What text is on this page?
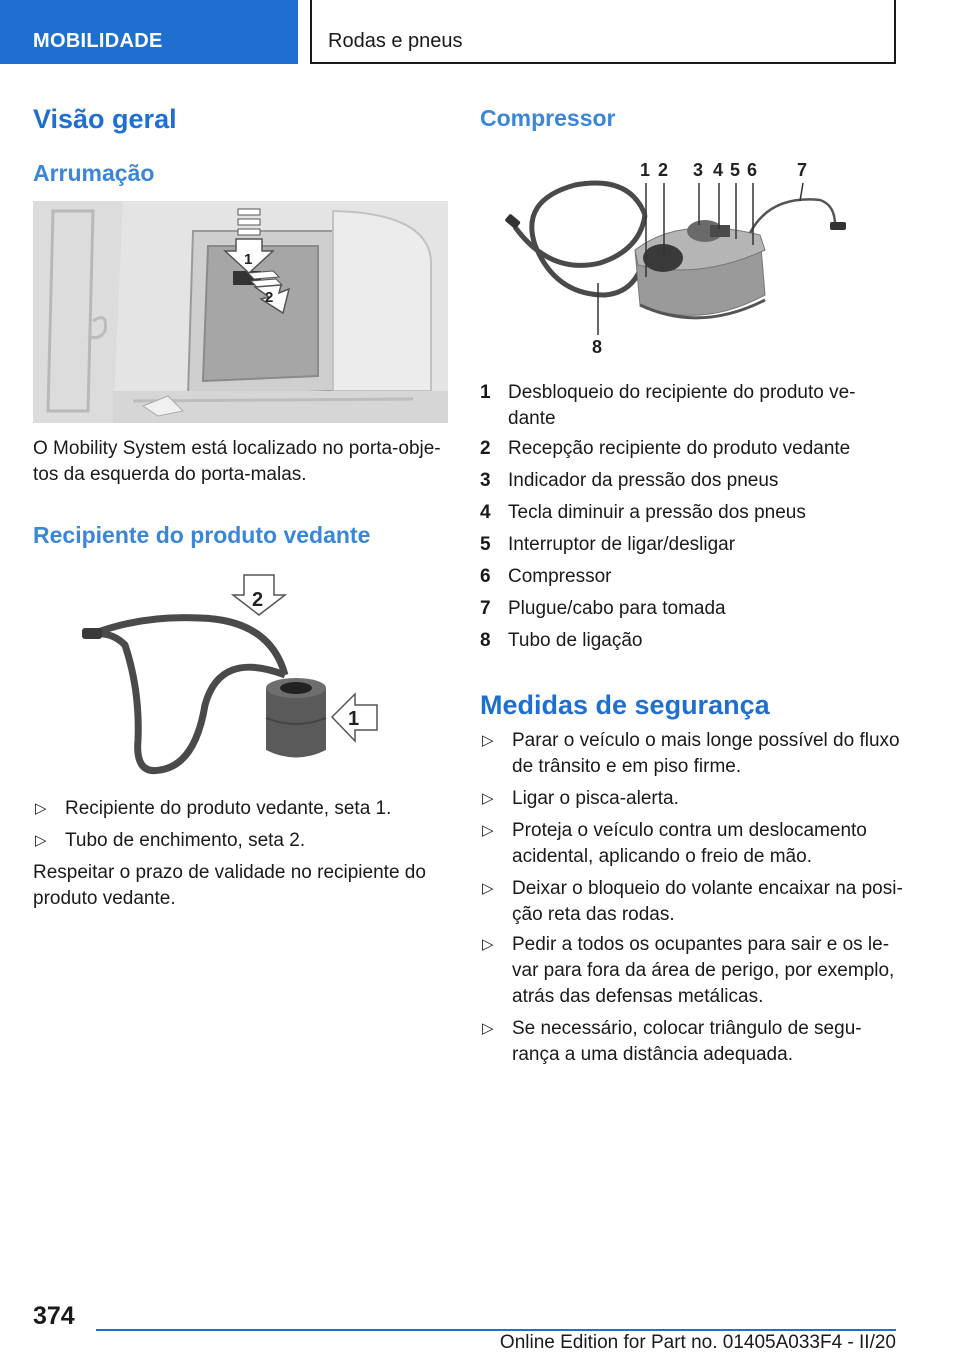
MOBILIDADE	Rodas e pneus
Visão geral
Arrumação
1
2

O Mobility System está localizado no porta-obje-

tos da esquerda do porta-malas.

Recipiente do produto vedante
2
1
▷ Recipiente do produto vedante, seta 1.
▷ Tubo de enchimento, seta 2.

Respeitar o prazo de validade no recipiente do

produto vedante.

Compressor
1 2 3 4 5 6 7
8
1 Desbloqueio do recipiente do produto ve-
dante
2 Recepção recipiente do produto vedante
3 Indicador da pressão dos pneus
4 Tecla diminuir a pressão dos pneus
5 Interruptor de ligar/desligar
6 Compressor
7 Plugue/cabo para tomada
8 Tubo de ligação
Medidas de segurança
▷ Parar o veículo o mais longe possível do fluxo
de trânsito e em piso firme.
▷ Ligar o pisca-alerta.
▷ Proteja o veículo contra um deslocamento
acidental, aplicando o freio de mão.
▷ Deixar o bloqueio do volante encaixar na posi-
ção reta das rodas.
▷ Pedir a todos os ocupantes para sair e os le-
var para fora da área de perigo, por exemplo,
atrás das defensas metálicas.
▷ Se necessário, colocar triângulo de segu-
rança a uma distância adequada.
374
Online Edition for Part no. 01405A033F4 - II/20
